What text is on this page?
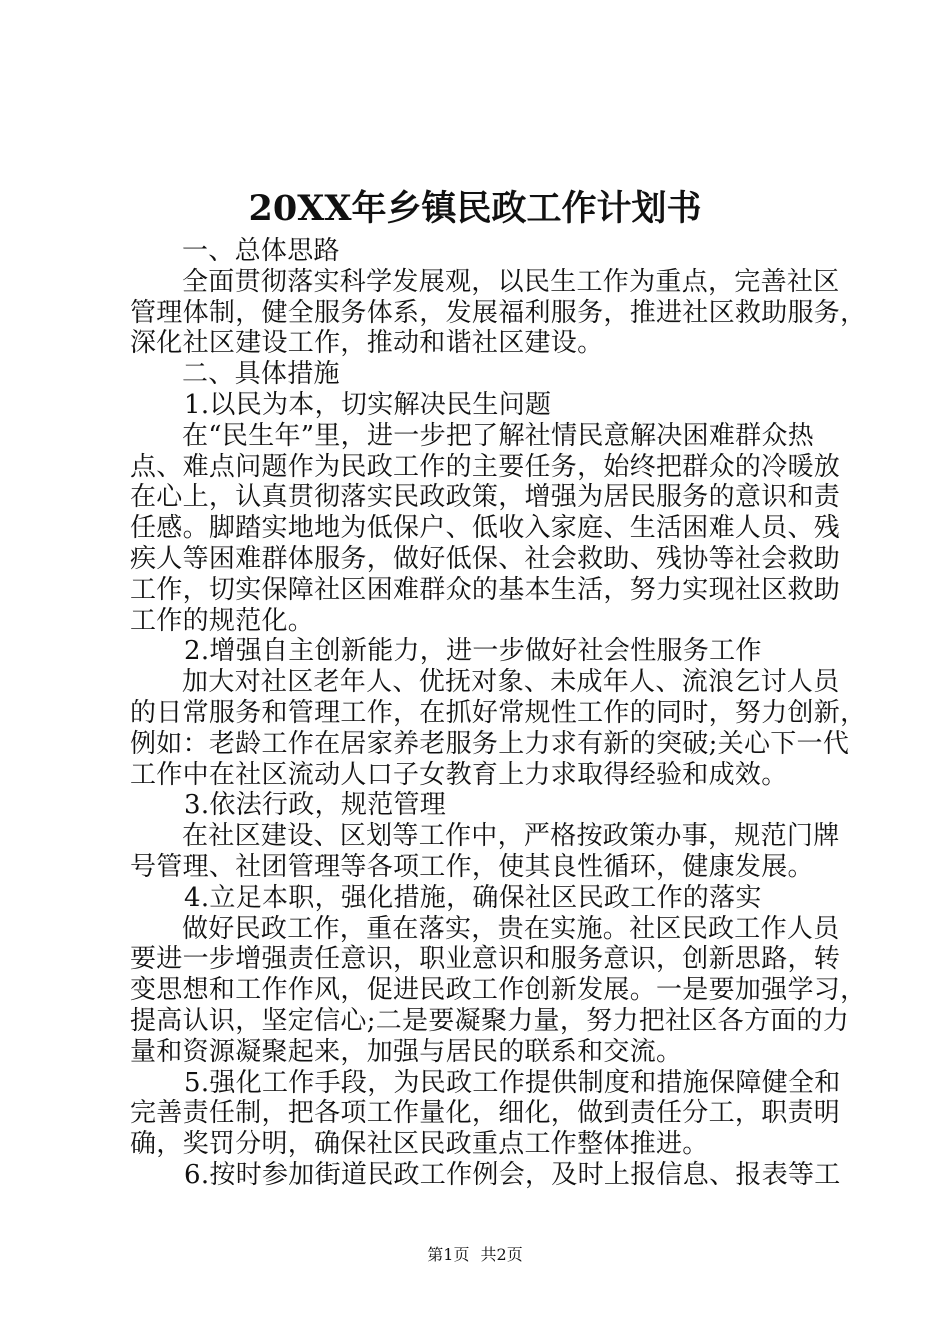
20XX年乡镇民政工作计划书
一、总体思路
全面贯彻落实科学发展观，以民生工作为重点，完善社区
管理体制，健全服务体系，发展福利服务，推进社区救助服务，
深化社区建设工作，推动和谐社区建设。
二、具体措施
1.以民为本，切实解决民生问题
在“民生年”里，进一步把了解社情民意解决困难群众热
点、难点问题作为民政工作的主要任务，始终把群众的冷暖放
在心上，认真贯彻落实民政政策，增强为居民服务的意识和责
任感。脚踏实地地为低保户、低收入家庭、生活困难人员、残
疾人等困难群体服务，做好低保、社会救助、残协等社会救助
工作，切实保障社区困难群众的基本生活，努力实现社区救助
工作的规范化。
2.增强自主创新能力，进一步做好社会性服务工作
加大对社区老年人、优抚对象、未成年人、流浪乞讨人员
的日常服务和管理工作，在抓好常规性工作的同时，努力创新，
例如：老龄工作在居家养老服务上力求有新的突破;关心下一代
工作中在社区流动人口子女教育上力求取得经验和成效。
3.依法行政，规范管理
在社区建设、区划等工作中，严格按政策办事，规范门牌
号管理、社团管理等各项工作，使其良性循环，健康发展。
4.立足本职，强化措施，确保社区民政工作的落实
做好民政工作，重在落实，贵在实施。社区民政工作人员
要进一步增强责任意识，职业意识和服务意识，创新思路，转
变思想和工作作风，促进民政工作创新发展。一是要加强学习，
提高认识，坚定信心;二是要凝聚力量，努力把社区各方面的力
量和资源凝聚起来，加强与居民的联系和交流。
5.强化工作手段，为民政工作提供制度和措施保障健全和
完善责任制，把各项工作量化，细化，做到责任分工，职责明
确，奖罚分明，确保社区民政重点工作整体推进。
6.按时参加街道民政工作例会，及时上报信息、报表等工
第1页 共2页
